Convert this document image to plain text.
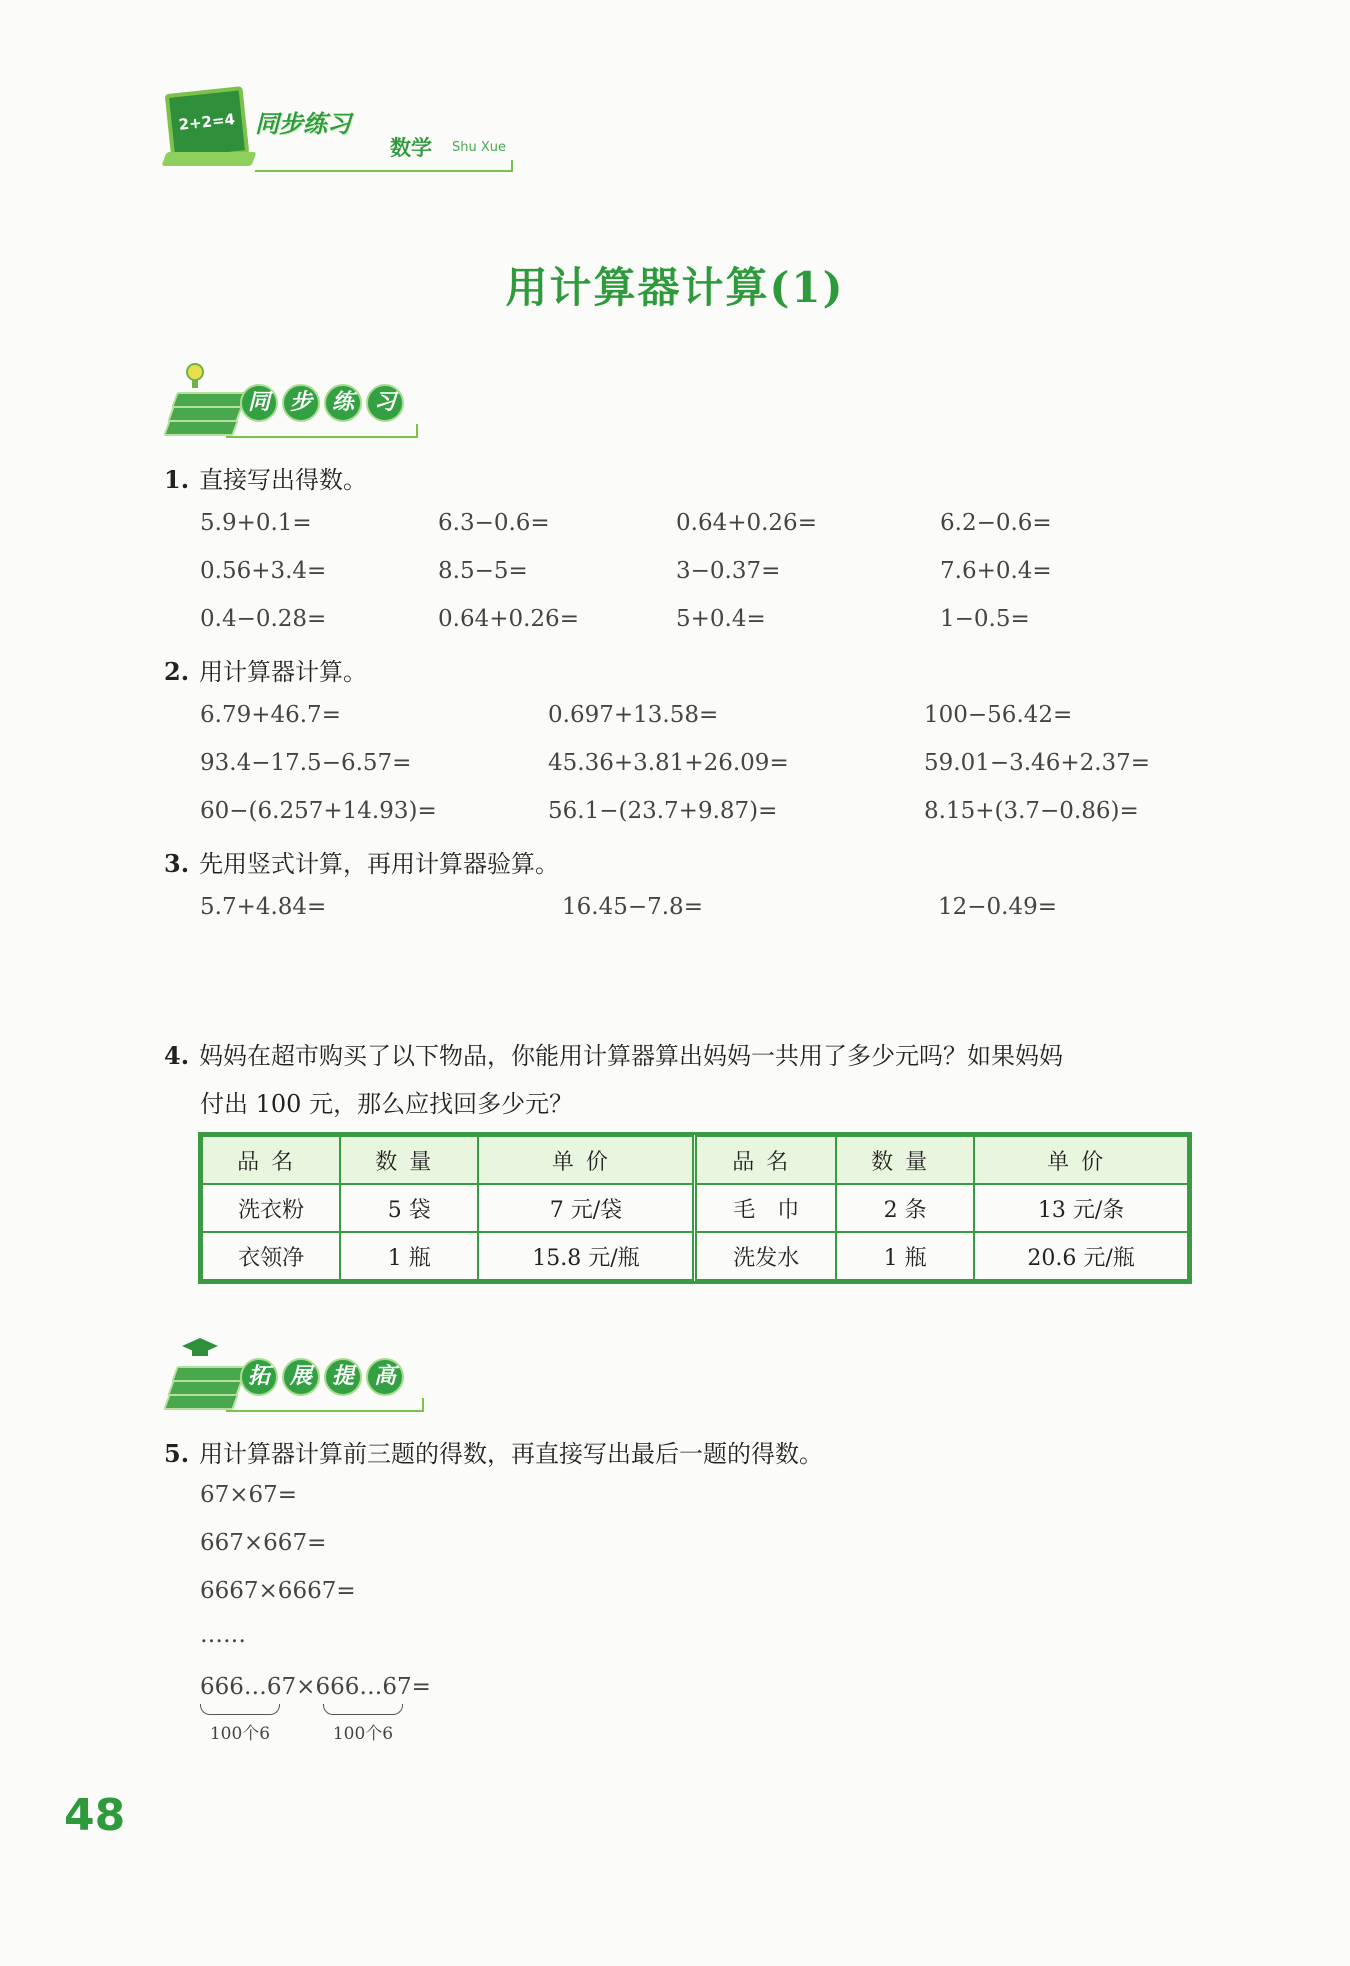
2+2=4 同步练习
数学 Shu Xue
用计算器计算(1)
同 步 练 习
1. 直接写出得数。
5.9+0.1=	6.3−0.6=	0.64+0.26=	6.2−0.6=
0.56+3.4=	8.5−5=	3−0.37=	7.6+0.4=
0.4−0.28=	0.64+0.26=	5+0.4=	1−0.5=
2. 用计算器计算。
6.79+46.7=	0.697+13.58=	100−56.42=
93.4−17.5−6.57=	45.36+3.81+26.09=	59.01−3.46+2.37=
60−(6.257+14.93)=	56.1−(23.7+9.87)=	8.15+(3.7−0.86)=
3. 先用竖式计算，再用计算器验算。
5.7+4.84=	16.45−7.8=	12−0.49=
4. 妈妈在超市购买了以下物品，你能用计算器算出妈妈一共用了多少元吗？如果妈妈
付出 100 元，那么应找回多少元？
品名	数量	单价	品名	数量	单价
洗衣粉	5 袋	7 元/袋	毛　巾	2 条	13 元/条
衣领净	1 瓶	15.8 元/瓶	洗发水	1 瓶	20.6 元/瓶
拓 展 提 高
5. 用计算器计算前三题的得数，再直接写出最后一题的得数。
67×67=
667×667=
6667×6667=
……
666…67×666…67=
100个6	100个6
48
